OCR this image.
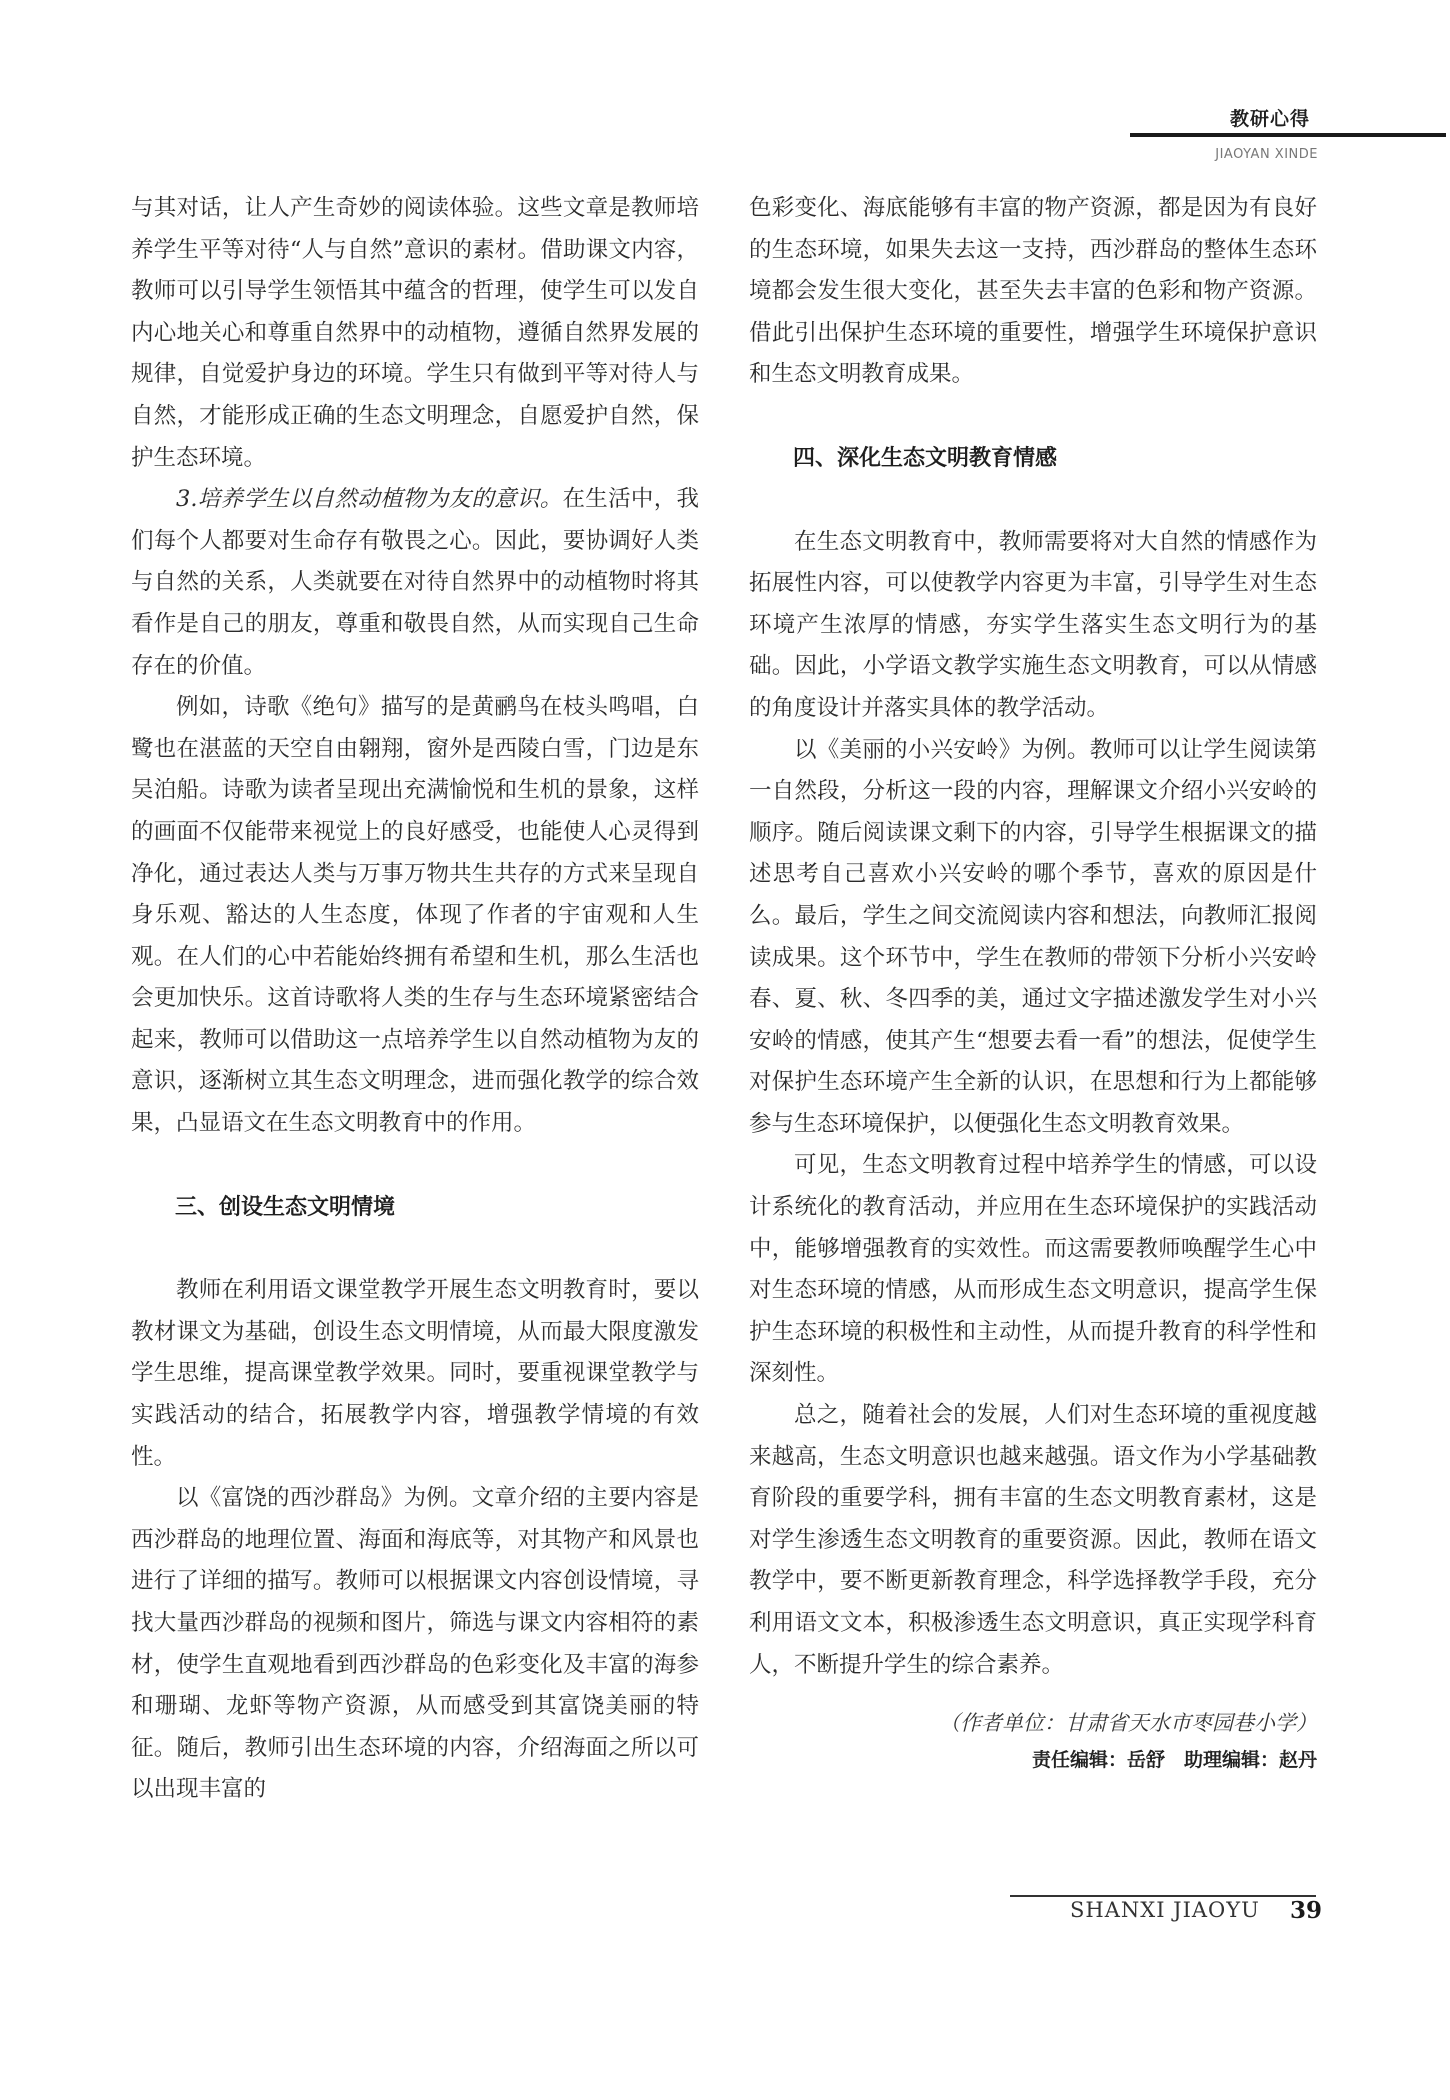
教研心得
JIAOYAN XINDE

与其对话，让人产生奇妙的阅读体验。这些文章是教师培养学生平等对待“人与自然”意识的素材。借助课文内容，教师可以引导学生领悟其中蕴含的哲理，使学生可以发自内心地关心和尊重自然界中的动植物，遵循自然界发展的规律，自觉爱护身边的环境。学生只有做到平等对待人与自然，才能形成正确的生态文明理念，自愿爱护自然，保护生态环境。

3.培养学生以自然动植物为友的意识。在生活中，我们每个人都要对生命存有敬畏之心。因此，要协调好人类与自然的关系，人类就要在对待自然界中的动植物时将其看作是自己的朋友，尊重和敬畏自然，从而实现自己生命存在的价值。

例如，诗歌《绝句》描写的是黄鹂鸟在枝头鸣唱，白鹭也在湛蓝的天空自由翱翔，窗外是西陵白雪，门边是东吴泊船。诗歌为读者呈现出充满愉悦和生机的景象，这样的画面不仅能带来视觉上的良好感受，也能使人心灵得到净化，通过表达人类与万事万物共生共存的方式来呈现自身乐观、豁达的人生态度，体现了作者的宇宙观和人生观。在人们的心中若能始终拥有希望和生机，那么生活也会更加快乐。这首诗歌将人类的生存与生态环境紧密结合起来，教师可以借助这一点培养学生以自然动植物为友的意识，逐渐树立其生态文明理念，进而强化教学的综合效果，凸显语文在生态文明教育中的作用。

三、创设生态文明情境

教师在利用语文课堂教学开展生态文明教育时，要以教材课文为基础，创设生态文明情境，从而最大限度激发学生思维，提高课堂教学效果。同时，要重视课堂教学与实践活动的结合，拓展教学内容，增强教学情境的有效性。

以《富饶的西沙群岛》为例。文章介绍的主要内容是西沙群岛的地理位置、海面和海底等，对其物产和风景也进行了详细的描写。教师可以根据课文内容创设情境，寻找大量西沙群岛的视频和图片，筛选与课文内容相符的素材，使学生直观地看到西沙群岛的色彩变化及丰富的海参和珊瑚、龙虾等物产资源，从而感受到其富饶美丽的特征。随后，教师引出生态环境的内容，介绍海面之所以可以出现丰富的

色彩变化、海底能够有丰富的物产资源，都是因为有良好的生态环境，如果失去这一支持，西沙群岛的整体生态环境都会发生很大变化，甚至失去丰富的色彩和物产资源。借此引出保护生态环境的重要性，增强学生环境保护意识和生态文明教育成果。

四、深化生态文明教育情感

在生态文明教育中，教师需要将对大自然的情感作为拓展性内容，可以使教学内容更为丰富，引导学生对生态环境产生浓厚的情感，夯实学生落实生态文明行为的基础。因此，小学语文教学实施生态文明教育，可以从情感的角度设计并落实具体的教学活动。

以《美丽的小兴安岭》为例。教师可以让学生阅读第一自然段，分析这一段的内容，理解课文介绍小兴安岭的顺序。随后阅读课文剩下的内容，引导学生根据课文的描述思考自己喜欢小兴安岭的哪个季节，喜欢的原因是什么。最后，学生之间交流阅读内容和想法，向教师汇报阅读成果。这个环节中，学生在教师的带领下分析小兴安岭春、夏、秋、冬四季的美，通过文字描述激发学生对小兴安岭的情感，使其产生“想要去看一看”的想法，促使学生对保护生态环境产生全新的认识，在思想和行为上都能够参与生态环境保护，以便强化生态文明教育效果。

可见，生态文明教育过程中培养学生的情感，可以设计系统化的教育活动，并应用在生态环境保护的实践活动中，能够增强教育的实效性。而这需要教师唤醒学生心中对生态环境的情感，从而形成生态文明意识，提高学生保护生态环境的积极性和主动性，从而提升教育的科学性和深刻性。

总之，随着社会的发展，人们对生态环境的重视度越来越高，生态文明意识也越来越强。语文作为小学基础教育阶段的重要学科，拥有丰富的生态文明教育素材，这是对学生渗透生态文明教育的重要资源。因此，教师在语文教学中，要不断更新教育理念，科学选择教学手段，充分利用语文文本，积极渗透生态文明意识，真正实现学科育人，不断提升学生的综合素养。

（作者单位：甘肃省天水市枣园巷小学）
责任编辑：岳舒　助理编辑：赵丹
SHANXI JIAOYU 39
